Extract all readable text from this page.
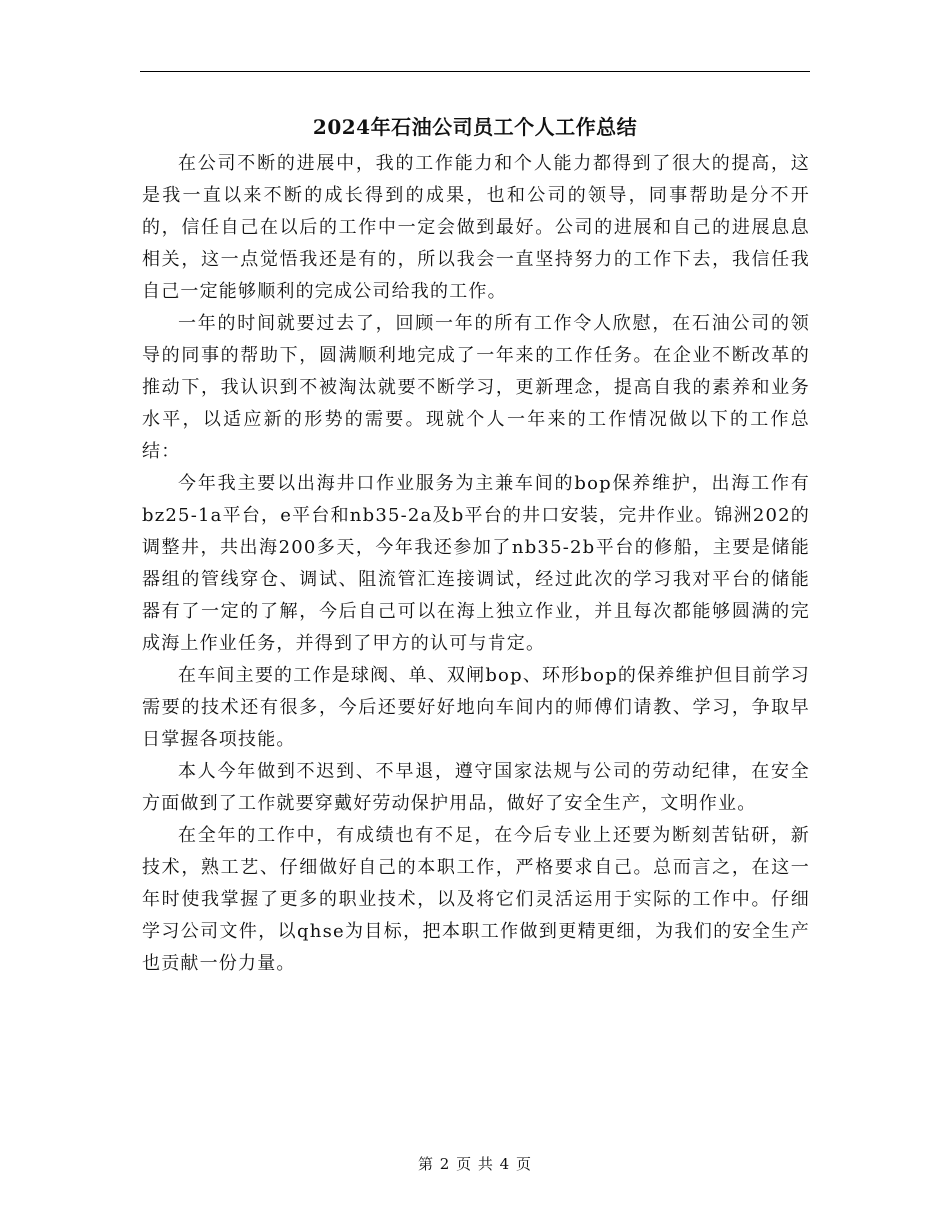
2024年石油公司员工个人工作总结

在公司不断的进展中，我的工作能力和个人能力都得到了很大的提高，这是我一直以来不断的成长得到的成果，也和公司的领导，同事帮助是分不开的，信任自己在以后的工作中一定会做到最好。公司的进展和自己的进展息息相关，这一点觉悟我还是有的，所以我会一直坚持努力的工作下去，我信任我自己一定能够顺利的完成公司给我的工作。

一年的时间就要过去了，回顾一年的所有工作令人欣慰，在石油公司的领导的同事的帮助下，圆满顺利地完成了一年来的工作任务。在企业不断改革的推动下，我认识到不被淘汰就要不断学习，更新理念，提高自我的素养和业务水平，以适应新的形势的需要。现就个人一年来的工作情况做以下的工作总结：

今年我主要以出海井口作业服务为主兼车间的bop保养维护，出海工作有bz25-1a平台，e平台和nb35-2a及b平台的井口安装，完井作业。锦洲202的调整井，共出海200多天，今年我还参加了nb35-2b平台的修船，主要是储能器组的管线穿仓、调试、阻流管汇连接调试，经过此次的学习我对平台的储能器有了一定的了解，今后自己可以在海上独立作业，并且每次都能够圆满的完成海上作业任务，并得到了甲方的认可与肯定。

在车间主要的工作是球阀、单、双闸bop、环形bop的保养维护但目前学习需要的技术还有很多，今后还要好好地向车间内的师傅们请教、学习，争取早日掌握各项技能。

本人今年做到不迟到、不早退，遵守国家法规与公司的劳动纪律，在安全方面做到了工作就要穿戴好劳动保护用品，做好了安全生产，文明作业。

在全年的工作中，有成绩也有不足，在今后专业上还要为断刻苦钻研，新技术，熟工艺、仔细做好自己的本职工作，严格要求自己。总而言之，在这一年时使我掌握了更多的职业技术，以及将它们灵活运用于实际的工作中。仔细学习公司文件，以qhse为目标，把本职工作做到更精更细，为我们的安全生产也贡献一份力量。

第 2 页 共 4 页
